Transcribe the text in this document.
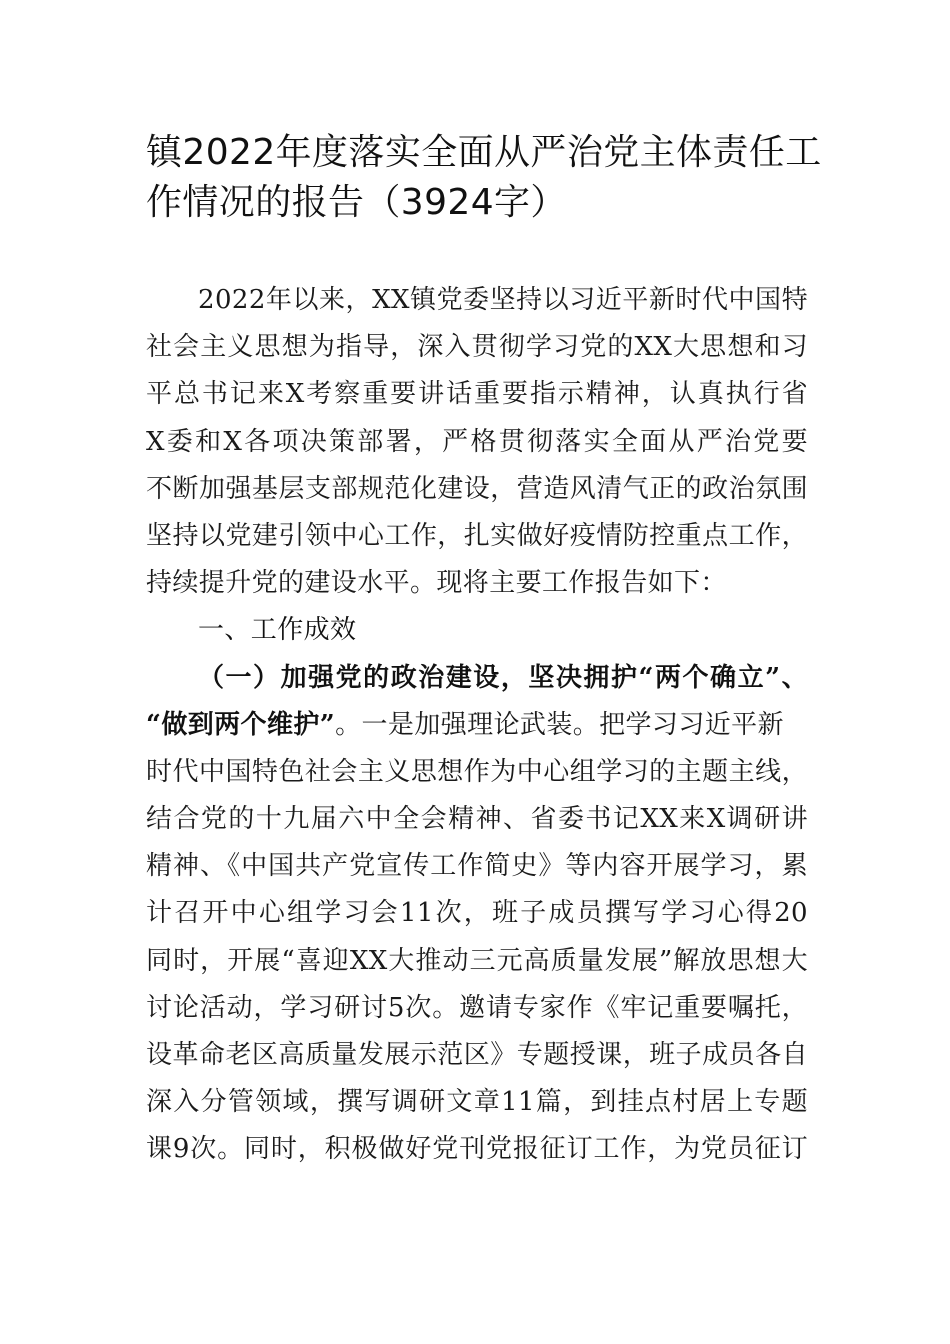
镇2022年度落实全面从严治党主体责任工
作情况的报告（3924字）
2022年以来，XX镇党委坚持以习近平新时代中国特
社会主义思想为指导，深入贯彻学习党的XX大思想和习
平总书记来X考察重要讲话重要指示精神，认真执行省
X委和X各项决策部署，严格贯彻落实全面从严治党要
不断加强基层支部规范化建设，营造风清气正的政治氛围
坚持以党建引领中心工作，扎实做好疫情防控重点工作，
持续提升党的建设水平。现将主要工作报告如下：
一、工作成效
（一）加强党的政治建设，坚决拥护“两个确立”、
“做到两个维护”。一是加强理论武装。把学习习近平新
时代中国特色社会主义思想作为中心组学习的主题主线，
结合党的十九届六中全会精神、省委书记XX来X调研讲
精神、《中国共产党宣传工作简史》等内容开展学习，累
计召开中心组学习会11次，班子成员撰写学习心得20
同时，开展“喜迎XX大推动三元高质量发展”解放思想大
讨论活动，学习研讨5次。邀请专家作《牢记重要嘱托，
设革命老区高质量发展示范区》专题授课，班子成员各自
深入分管领域，撰写调研文章11篇，到挂点村居上专题
课9次。同时，积极做好党刊党报征订工作，为党员征订
